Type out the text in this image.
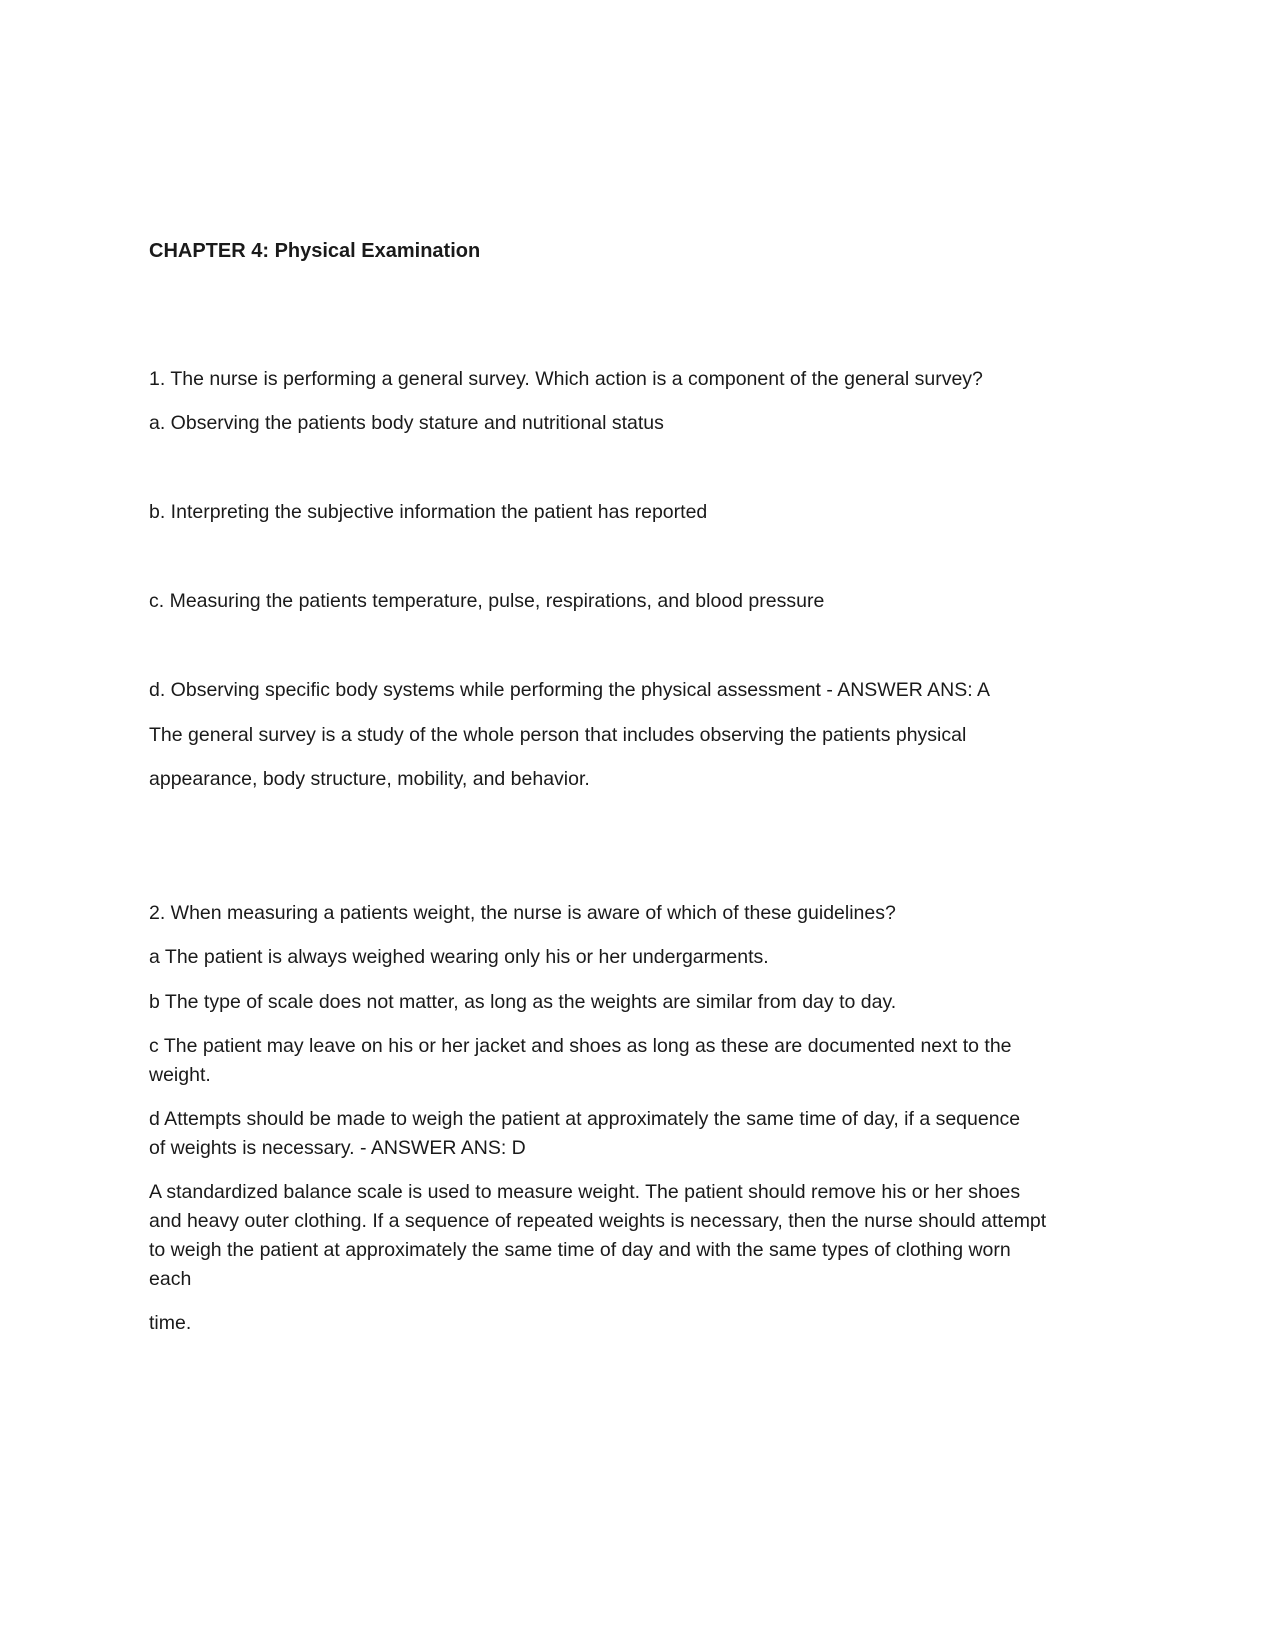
CHAPTER 4: Physical Examination
1. The nurse is performing a general survey. Which action is a component of the general survey?
a. Observing the patients body stature and nutritional status
b. Interpreting the subjective information the patient has reported
c. Measuring the patients temperature, pulse, respirations, and blood pressure
d. Observing specific body systems while performing the physical assessment - ANSWER ANS: A
The general survey is a study of the whole person that includes observing the patients physical
appearance, body structure, mobility, and behavior.
2. When measuring a patients weight, the nurse is aware of which of these guidelines?
a The patient is always weighed wearing only his or her undergarments.
b The type of scale does not matter, as long as the weights are similar from day to day.
c The patient may leave on his or her jacket and shoes as long as these are documented next to the
weight.
d Attempts should be made to weigh the patient at approximately the same time of day, if a sequence
of weights is necessary. - ANSWER ANS: D
A standardized balance scale is used to measure weight. The patient should remove his or her shoes
and heavy outer clothing. If a sequence of repeated weights is necessary, then the nurse should attempt
to weigh the patient at approximately the same time of day and with the same types of clothing worn
each
time.
